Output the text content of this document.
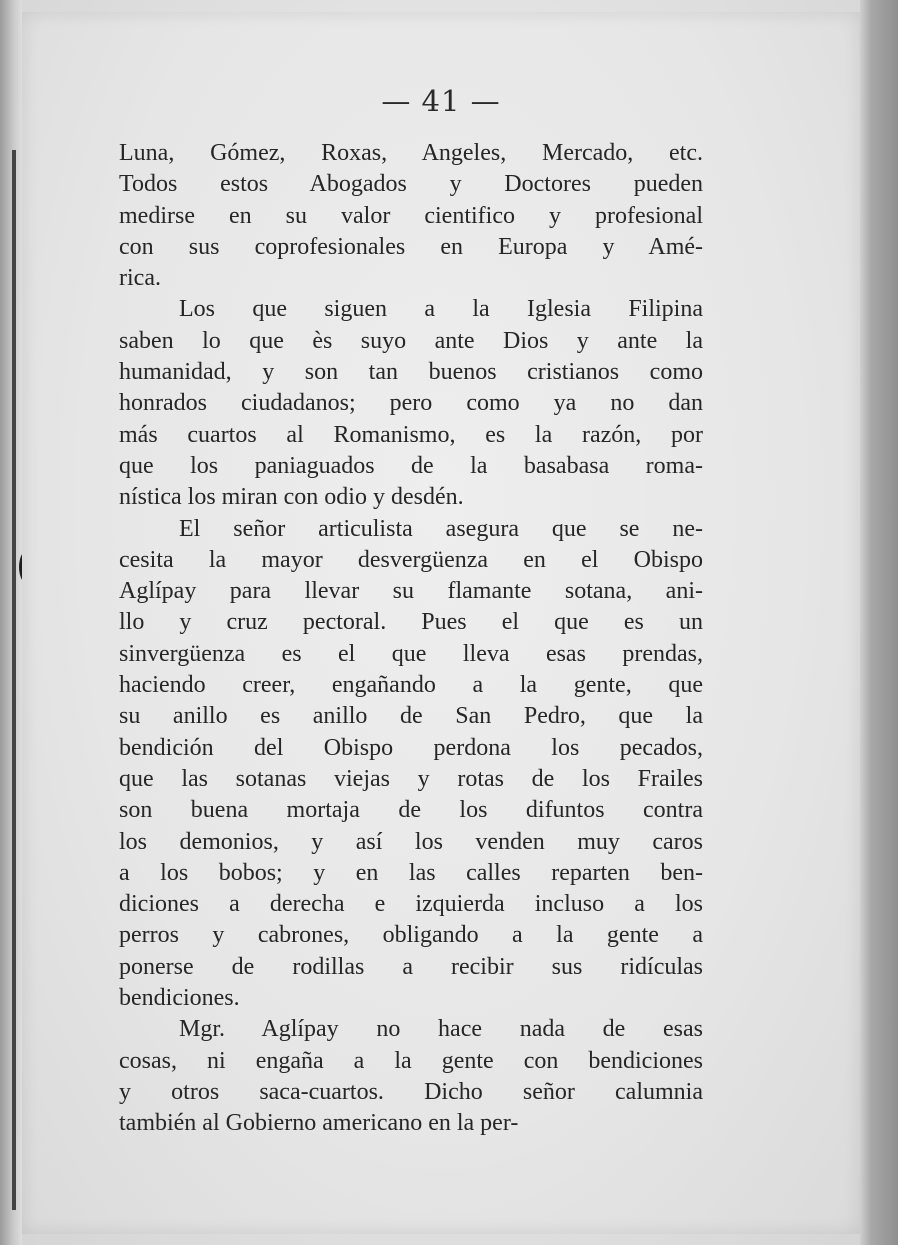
— 41 —
Luna, Gómez, Roxas, Angeles, Mercado, etc.
Todos estos Abogados y Doctores pueden
medirse en su valor cientifico y profesional
con sus coprofesionales en Europa y Amé-
rica.
Los que siguen a la Iglesia Filipina
saben lo que ès suyo ante Dios y ante la
humanidad, y son tan buenos cristianos como
honrados ciudadanos; pero como ya no dan
más cuartos al Romanismo, es la razón, por
que los paniaguados de la basabasa roma-
nística los miran con odio y desdén.
El señor articulista asegura que se ne-
cesita la mayor desvergüenza en el Obispo
Aglípay para llevar su flamante sotana, ani-
llo y cruz pectoral. Pues el que es un
sinvergüenza es el que lleva esas prendas,
haciendo creer, engañando a la gente, que
su anillo es anillo de San Pedro, que la
bendición del Obispo perdona los pecados,
que las sotanas viejas y rotas de los Frailes
son buena mortaja de los difuntos contra
los demonios, y así los venden muy caros
a los bobos; y en las calles reparten ben-
diciones a derecha e izquierda incluso a los
perros y cabrones, obligando a la gente a
ponerse de rodillas a recibir sus ridículas
bendiciones.
Mgr. Aglípay no hace nada de esas
cosas, ni engaña a la gente con bendiciones
y otros saca-cuartos. Dicho señor calumnia
también al Gobierno americano en la per-
